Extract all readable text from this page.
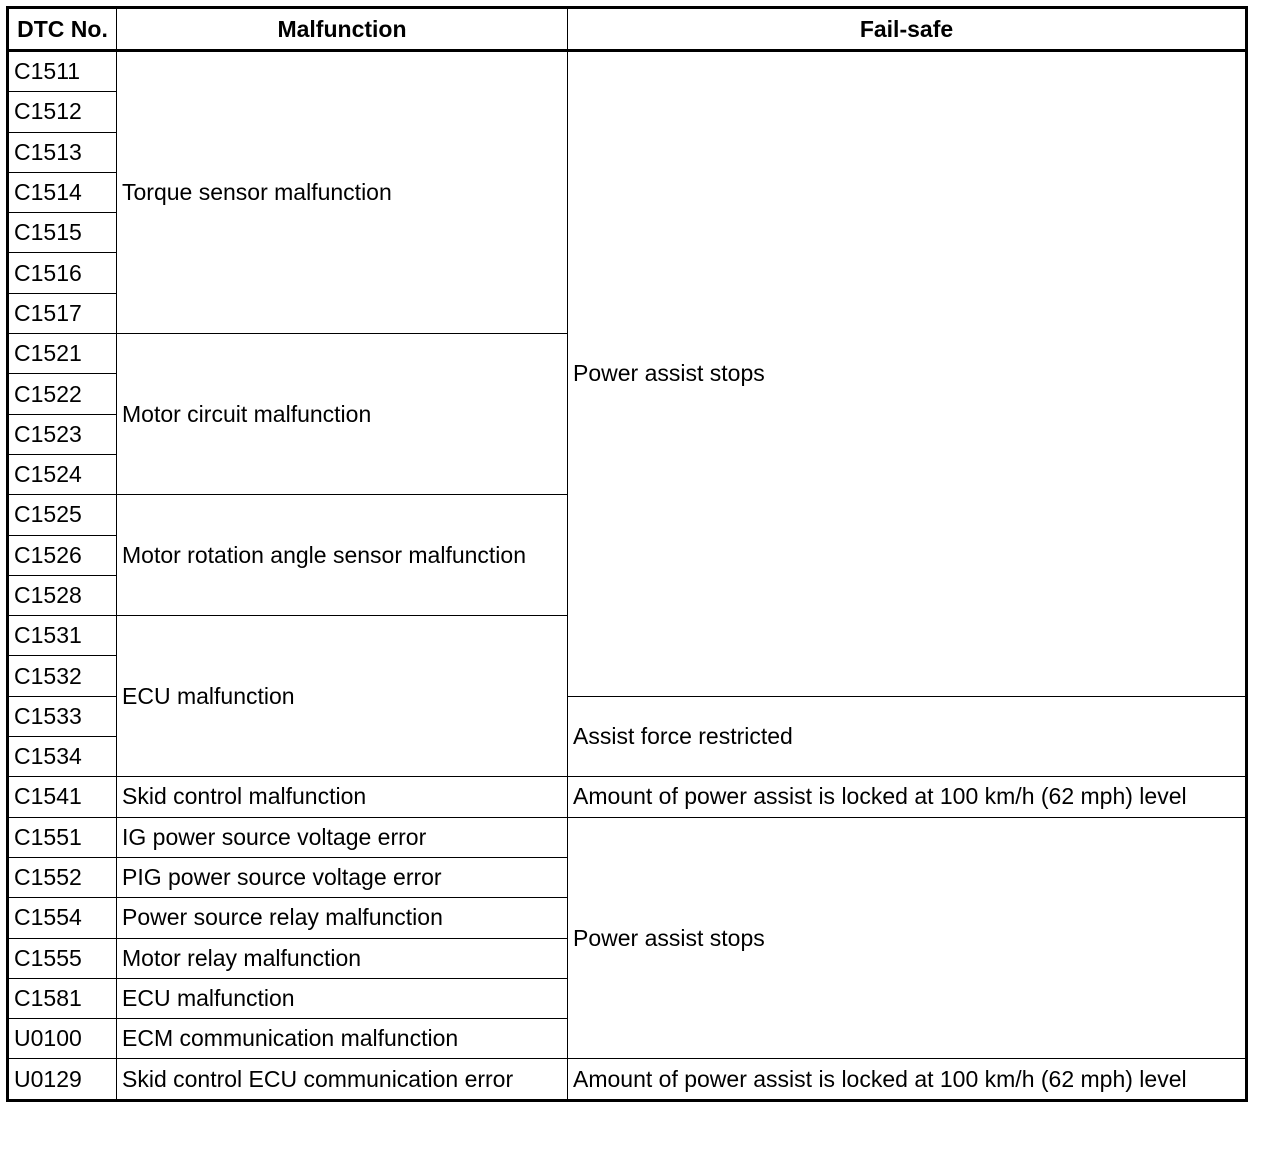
DTC No.	Malfunction	Fail-safe
C1511	Torque sensor malfunction	Power assist stops
C1512		
C1513		
C1514		
C1515		
C1516		
C1517		
C1521	Motor circuit malfunction	
C1522		
C1523		
C1524		
C1525	Motor rotation angle sensor malfunction	
C1526		
C1528		
C1531	ECU malfunction	
C1532		
C1533		Assist force restricted
C1534		
C1541	Skid control malfunction	Amount of power assist is locked at 100 km/h (62 mph) level
C1551	IG power source voltage error	Power assist stops
C1552	PIG power source voltage error	
C1554	Power source relay malfunction	
C1555	Motor relay malfunction	
C1581	ECU malfunction	
U0100	ECM communication malfunction	
U0129	Skid control ECU communication error	Amount of power assist is locked at 100 km/h (62 mph) level
